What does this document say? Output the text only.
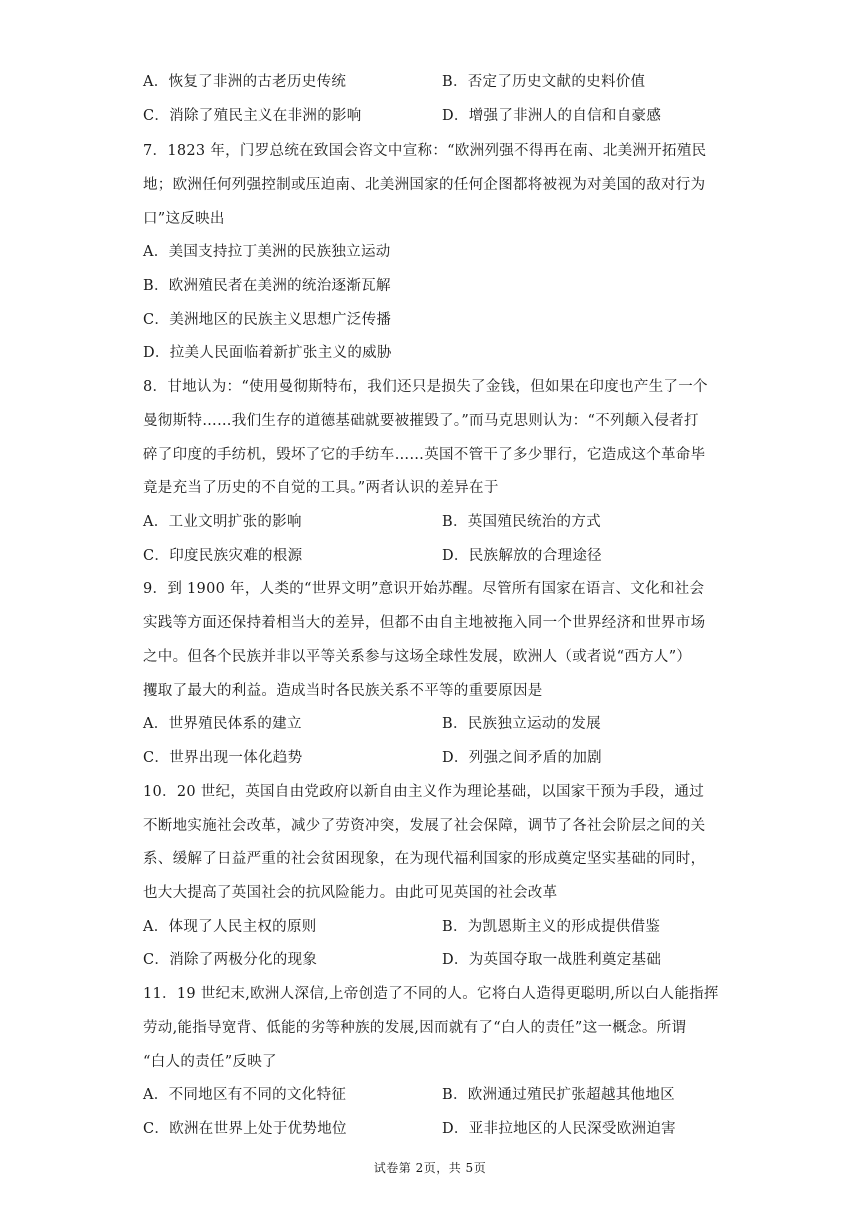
A．恢复了非洲的古老历史传统	B．否定了历史文献的史料价值
C．消除了殖民主义在非洲的影响	D．增强了非洲人的自信和自豪感
7．1823 年，门罗总统在致国会咨文中宣称：“欧洲列强不得再在南、北美洲开拓殖民
地；欧洲任何列强控制或压迫南、北美洲国家的任何企图都将被视为对美国的敌对行为
口”这反映出
A．美国支持拉丁美洲的民族独立运动
B．欧洲殖民者在美洲的统治逐渐瓦解
C．美洲地区的民族主义思想广泛传播
D．拉美人民面临着新扩张主义的威胁
8．甘地认为：“使用曼彻斯特布，我们还只是损失了金钱，但如果在印度也产生了一个
曼彻斯特……我们生存的道德基础就要被摧毁了。”而马克思则认为：“不列颠入侵者打
碎了印度的手纺机，毁坏了它的手纺车……英国不管干了多少罪行，它造成这个革命毕
竟是充当了历史的不自觉的工具。”两者认识的差异在于
A．工业文明扩张的影响	B．英国殖民统治的方式
C．印度民族灾难的根源	D．民族解放的合理途径
9．到 1900 年，人类的“世界文明”意识开始苏醒。尽管所有国家在语言、文化和社会
实践等方面还保持着相当大的差异，但都不由自主地被拖入同一个世界经济和世界市场
之中。但各个民族并非以平等关系参与这场全球性发展，欧洲人（或者说“西方人”）
攫取了最大的利益。造成当时各民族关系不平等的重要原因是
A．世界殖民体系的建立	B．民族独立运动的发展
C．世界出现一体化趋势	D．列强之间矛盾的加剧
10．20 世纪，英国自由党政府以新自由主义作为理论基础，以国家干预为手段，通过
不断地实施社会改革，减少了劳资冲突，发展了社会保障，调节了各社会阶层之间的关
系、缓解了日益严重的社会贫困现象，在为现代福利国家的形成奠定坚实基础的同时，
也大大提高了英国社会的抗风险能力。由此可见英国的社会改革
A．体现了人民主权的原则	B．为凯恩斯主义的形成提供借鉴
C．消除了两极分化的现象	D．为英国夺取一战胜利奠定基础
11．19 世纪末,欧洲人深信,上帝创造了不同的人。它将白人造得更聪明,所以白人能指挥
劳动,能指导宽背、低能的劣等种族的发展,因而就有了“白人的责任”这一概念。所谓
“白人的责任”反映了
A．不同地区有不同的文化特征	B．欧洲通过殖民扩张超越其他地区
C．欧洲在世界上处于优势地位	D．亚非拉地区的人民深受欧洲迫害
试卷第 2页，共 5页
